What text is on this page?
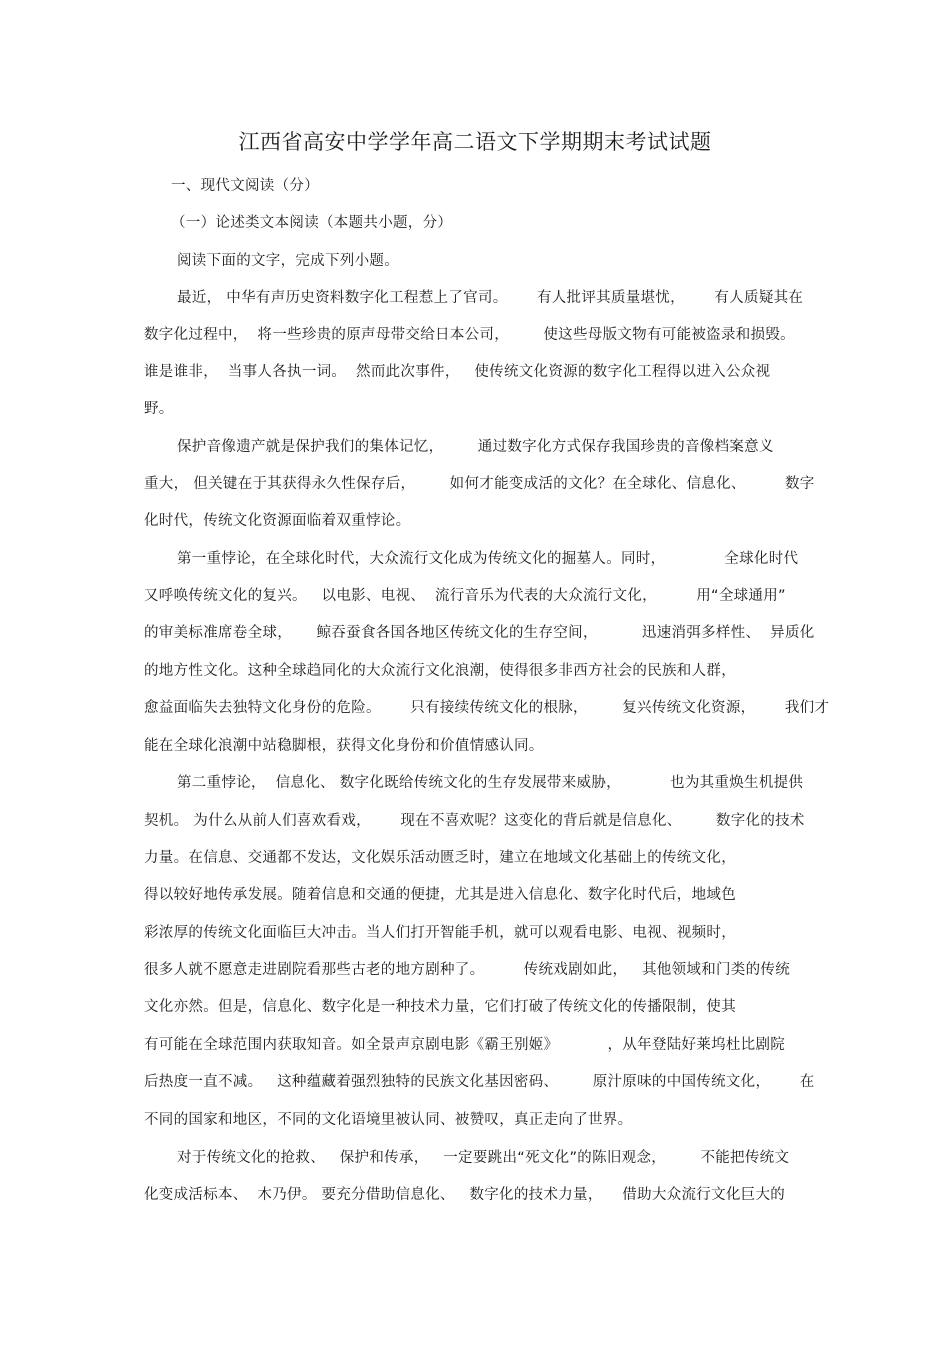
江西省高安中学学年高二语文下学期期末考试试题
一、现代文阅读（分）
（一）论述类文本阅读（本题共小题，分）
阅读下面的文字，完成下列小题。
最近， 中华有声历史资料数字化工程惹上了官司。      有人批评其质量堪忧，      有人质疑其在
数字化过程中，  将一些珍贵的原声母带交给日本公司，       使这些母版文物有可能被盗录和损毁。
谁是谁非，  当事人各执一词。  然而此次事件，   使传统文化资源的数字化工程得以进入公众视
野。
保护音像遗产就是保护我们的集体记忆，       通过数字化方式保存我国珍贵的音像档案意义
重大， 但关键在于其获得永久性保存后，       如何才能变成活的文化？在全球化、信息化、        数字
化时代，传统文化资源面临着双重悖论。
第一重悖论，在全球化时代，大众流行文化成为传统文化的掘墓人。同时，            全球化时代
又呼唤传统文化的复兴。   以电影、电视、  流行音乐为代表的大众流行文化，        用“全球通用”
的审美标准席卷全球，     鲸吞蚕食各国各地区传统文化的生存空间，         迅速消弭多样性、  异质化
的地方性文化。这种全球趋同化的大众流行文化浪潮，使得很多非西方社会的民族和人群，
愈益面临失去独特文化身份的危险。      只有接续传统文化的根脉，       复兴传统文化资源，      我们才
能在全球化浪潮中站稳脚根，获得文化身份和价值情感认同。
第二重悖论，  信息化、 数字化既给传统文化的生存发展带来威胁，          也为其重焕生机提供
契机。 为什么从前人们喜欢看戏，      现在不喜欢呢？这变化的背后就是信息化、       数字化的技术
力量。在信息、交通都不发达，文化娱乐活动匮乏时，建立在地域文化基础上的传统文化，
得以较好地传承发展。随着信息和交通的便捷，尤其是进入信息化、数字化时代后，地域色
彩浓厚的传统文化面临巨大冲击。当人们打开智能手机，就可以观看电影、电视、视频时，
很多人就不愿意走进剧院看那些古老的地方剧种了。        传统戏剧如此，   其他领域和门类的传统
文化亦然。但是，信息化、数字化是一种技术力量，它们打破了传统文化的传播限制，使其
有可能在全球范围内获取知音。如全景声京剧电影《霸王别姬》          ，从年登陆好莱坞杜比剧院
后热度一直不减。   这种蕴藏着强烈独特的民族文化基因密码、       原汁原味的中国传统文化，      在
不同的国家和地区，不同的文化语境里被认同、被赞叹，真正走向了世界。
对于传统文化的抢救、   保护和传承，   一定要跳出“死文化”的陈旧观念，       不能把传统文
化变成活标本、  木乃伊。 要充分借助信息化、   数字化的技术力量，    借助大众流行文化巨大的
